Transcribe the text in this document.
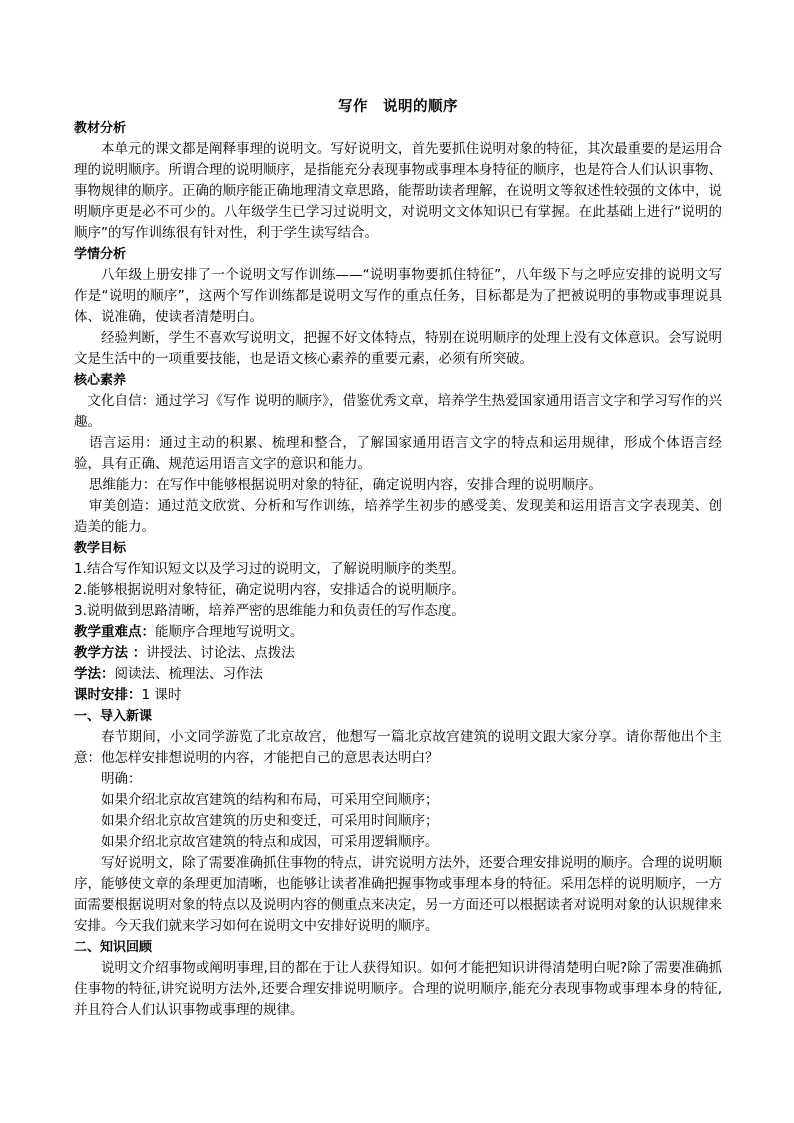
写作　说明的顺序
教材分析

本单元的课文都是阐释事理的说明文。写好说明文，首先要抓住说明对象的特征，其次最重要的是运用合理的说明顺序。所谓合理的说明顺序，是指能充分表现事物或事理本身特征的顺序，也是符合人们认识事物、事物规律的顺序。正确的顺序能正确地理清文章思路，能帮助读者理解，在说明文等叙述性较强的文体中，说明顺序更是必不可少的。八年级学生已学习过说明文，对说明文文体知识已有掌握。在此基础上进行“说明的顺序”的写作训练很有针对性，利于学生读写结合。

学情分析

八年级上册安排了一个说明文写作训练——“说明事物要抓住特征”，八年级下与之呼应安排的说明文写作是“说明的顺序”，这两个写作训练都是说明文写作的重点任务，目标都是为了把被说明的事物或事理说具体、说准确，使读者清楚明白。

经验判断，学生不喜欢写说明文，把握不好文体特点，特别在说明顺序的处理上没有文体意识。会写说明文是生活中的一项重要技能，也是语文核心素养的重要元素，必须有所突破。

核心素养

文化自信：通过学习《写作 说明的顺序》，借鉴优秀文章，培养学生热爱国家通用语言文字和学习写作的兴趣。

语言运用：通过主动的积累、梳理和整合，了解国家通用语言文字的特点和运用规律，形成个体语言经验，具有正确、规范运用语言文字的意识和能力。

思维能力：在写作中能够根据说明对象的特征，确定说明内容，安排合理的说明顺序。

审美创造：通过范文欣赏、分析和写作训练，培养学生初步的感受美、发现美和运用语言文字表现美、创造美的能力。

教学目标

1.结合写作知识短文以及学习过的说明文，了解说明顺序的类型。

2.能够根据说明对象特征，确定说明内容，安排适合的说明顺序。

3.说明做到思路清晰，培养严密的思维能力和负责任的写作态度。

教学重难点：能顺序合理地写说明文。

教学方法 ：讲授法、讨论法、点拨法

学法：阅读法、梳理法、习作法

课时安排：1 课时

一、导入新课

春节期间，小文同学游览了北京故宫，他想写一篇北京故宫建筑的说明文跟大家分享。请你帮他出个主意：他怎样安排想说明的内容，才能把自己的意思表达明白？

明确：

如果介绍北京故宫建筑的结构和布局，可采用空间顺序；

如果介绍北京故宫建筑的历史和变迁，可采用时间顺序；

如果介绍北京故宫建筑的特点和成因，可采用逻辑顺序。

写好说明文，除了需要准确抓住事物的特点，讲究说明方法外，还要合理安排说明的顺序。合理的说明顺序，能够使文章的条理更加清晰，也能够让读者准确把握事物或事理本身的特征。采用怎样的说明顺序，一方面需要根据说明对象的特点以及说明内容的侧重点来决定，另一方面还可以根据读者对说明对象的认识规律来安排。今天我们就来学习如何在说明文中安排好说明的顺序。

二、知识回顾

说明文介绍事物或阐明事理,目的都在于让人获得知识。如何才能把知识讲得清楚明白呢?除了需要准确抓住事物的特征,讲究说明方法外,还要合理安排说明顺序。合理的说明顺序,能充分表现事物或事理本身的特征,并且符合人们认识事物或事理的规律。
